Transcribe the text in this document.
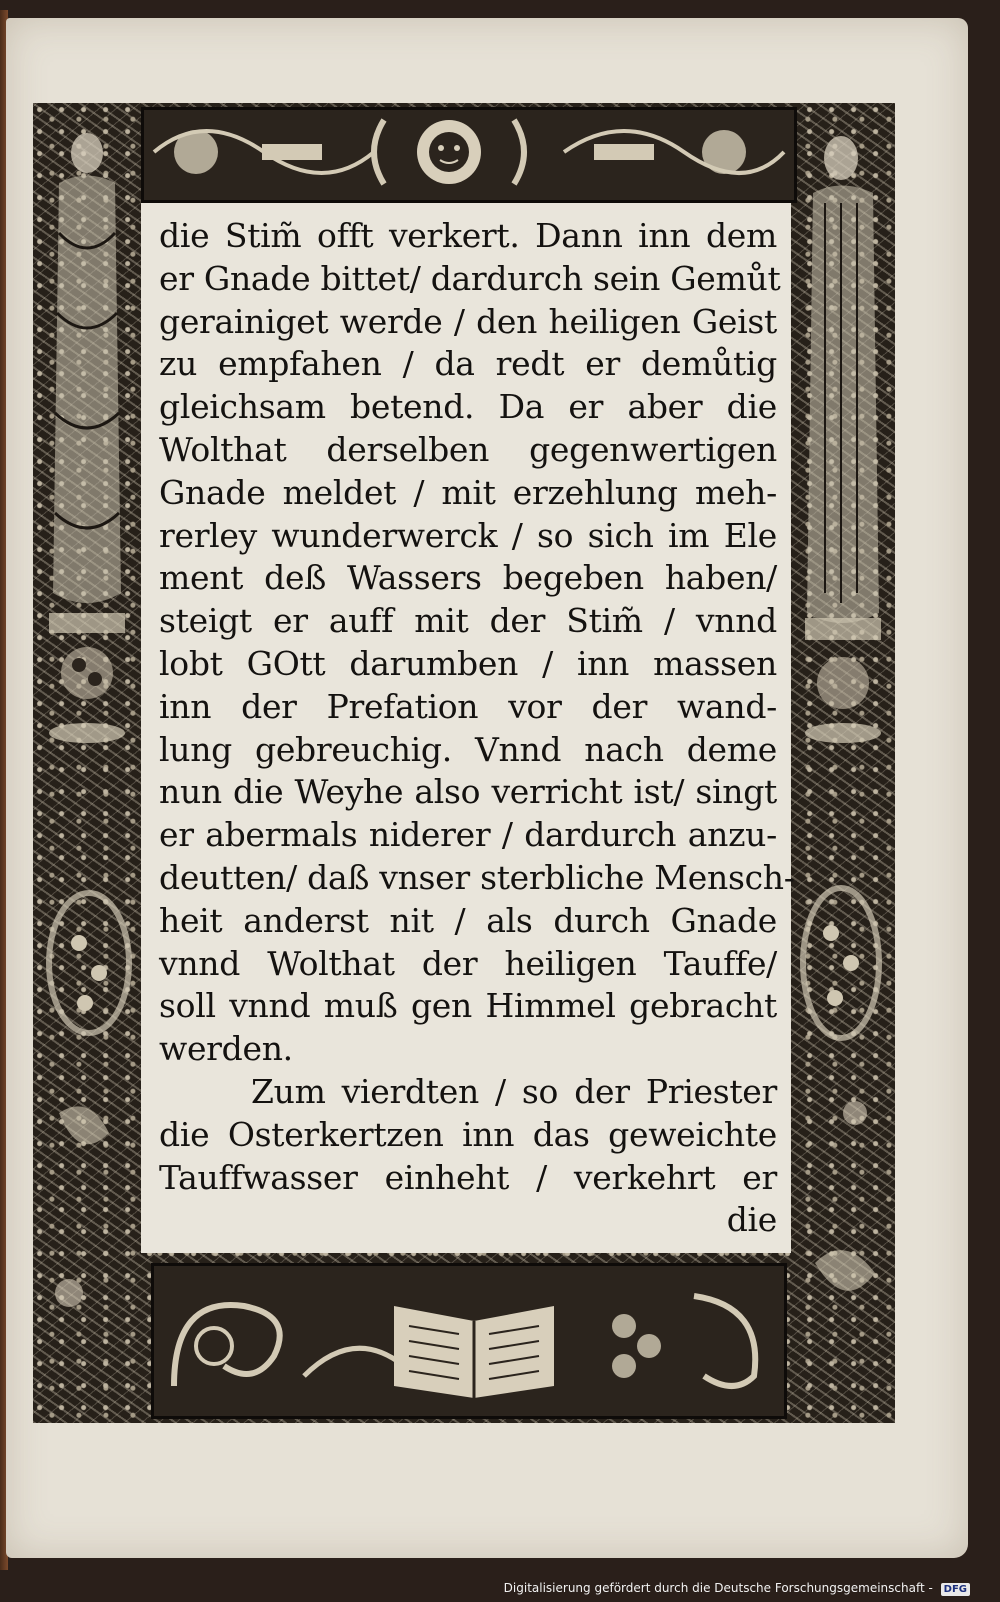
die Stim̃ offt verkert. Dann inn dem
er Gnade bittet/ dardurch sein Gemůt
gerainiget werde / den heiligen Geist
zu empfahen / da redt er demůtig
gleichsam betend. Da er aber die
Wolthat derselben gegenwertigen
Gnade meldet / mit erzehlung meh-
rerley wunderwerck / so sich im Ele
ment deß Wassers begeben haben/
steigt er auff mit der Stim̃ / vnnd
lobt GOtt darumben / inn massen
inn der Prefation vor der wand-
lung gebreuchig. Vnnd nach deme
nun die Weyhe also verricht ist/ singt
er abermals niderer / dardurch anzu-
deutten/ daß vnser sterbliche Mensch-
heit anderst nit / als durch Gnade
vnnd Wolthat der heiligen Tauffe/
soll vnnd muß gen Himmel gebracht
werden.
Zum vierdten / so der Priester
die Osterkertzen inn das geweichte
Tauffwasser einheht / verkehrt er
die
Digitalisierung gefördert durch die Deutsche Forschungsgemeinschaft - DFG
